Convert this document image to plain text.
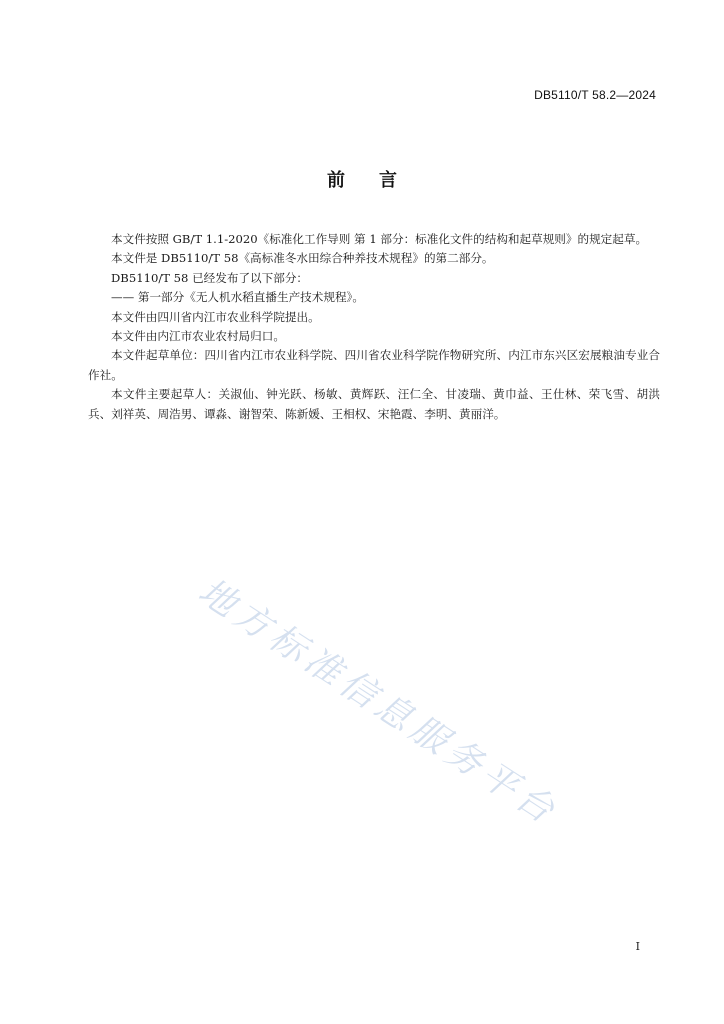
DB5110/T 58.2—2024
前言

本文件按照 GB/T 1.1-2020《标准化工作导则 第 1 部分：标准化文件的结构和起草规则》的规定起草。

本文件是 DB5110/T 58《高标准冬水田综合种养技术规程》的第二部分。

DB5110/T 58 已经发布了以下部分：

—— 第一部分《无人机水稻直播生产技术规程》。

本文件由四川省内江市农业科学院提出。

本文件由内江市农业农村局归口。

本文件起草单位：四川省内江市农业科学院、四川省农业科学院作物研究所、内江市东兴区宏展粮油专业合作社。

本文件主要起草人：关淑仙、钟光跃、杨敏、黄辉跃、汪仁全、甘凌瑞、黄巾益、王仕林、荣飞雪、胡洪兵、刘祥英、周浩男、谭淼、谢智荣、陈新媛、王相权、宋艳霞、李明、黄丽洋。

地方标准信息服务平台
I
